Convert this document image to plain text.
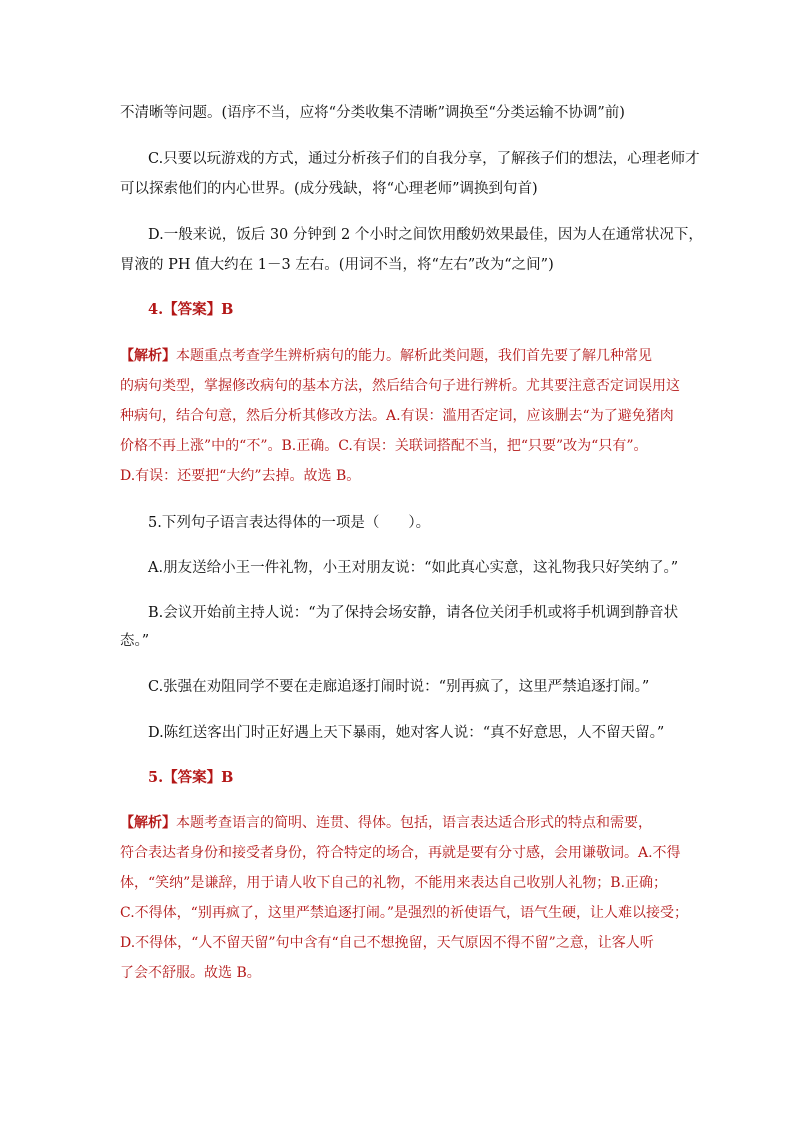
不清晰等问题。(语序不当，应将“分类收集不清晰”调换至“分类运输不协调”前)
C.只要以玩游戏的方式，通过分析孩子们的自我分享，了解孩子们的想法，心理老师才
可以探索他们的内心世界。(成分残缺，将“心理老师”调换到句首)
D.一般来说，饭后 30 分钟到 2 个小时之间饮用酸奶效果最佳，因为人在通常状况下，
胃液的 PH 值大约在 1－3 左右。(用词不当，将“左右”改为“之间”)
4.【答案】B
【解析】本题重点考查学生辨析病句的能力。解析此类问题，我们首先要了解几种常见
的病句类型，掌握修改病句的基本方法，然后结合句子进行辨析。尤其要注意否定词误用这
种病句，结合句意，然后分析其修改方法。A.有误：滥用否定词，应该删去“为了避免猪肉
价格不再上涨”中的“不”。B.正确。C.有误：关联词搭配不当，把“只要”改为“只有”。
D.有误：还要把“大约”去掉。故选 B。
5.下列句子语言表达得体的一项是（　　）。
A.朋友送给小王一件礼物，小王对朋友说：“如此真心实意，这礼物我只好笑纳了。”
B.会议开始前主持人说：“为了保持会场安静，请各位关闭手机或将手机调到静音状
态。”
C.张强在劝阻同学不要在走廊追逐打闹时说：“别再疯了，这里严禁追逐打闹。”
D.陈红送客出门时正好遇上天下暴雨，她对客人说：“真不好意思，人不留天留。”
5.【答案】B
【解析】本题考查语言的简明、连贯、得体。包括，语言表达适合形式的特点和需要，
符合表达者身份和接受者身份，符合特定的场合，再就是要有分寸感，会用谦敬词。A.不得
体，“笑纳”是谦辞，用于请人收下自己的礼物，不能用来表达自己收别人礼物；B.正确；
C.不得体，“别再疯了，这里严禁追逐打闹。”是强烈的祈使语气，语气生硬，让人难以接受；
D.不得体，“人不留天留”句中含有“自己不想挽留，天气原因不得不留”之意，让客人听
了会不舒服。故选 B。
